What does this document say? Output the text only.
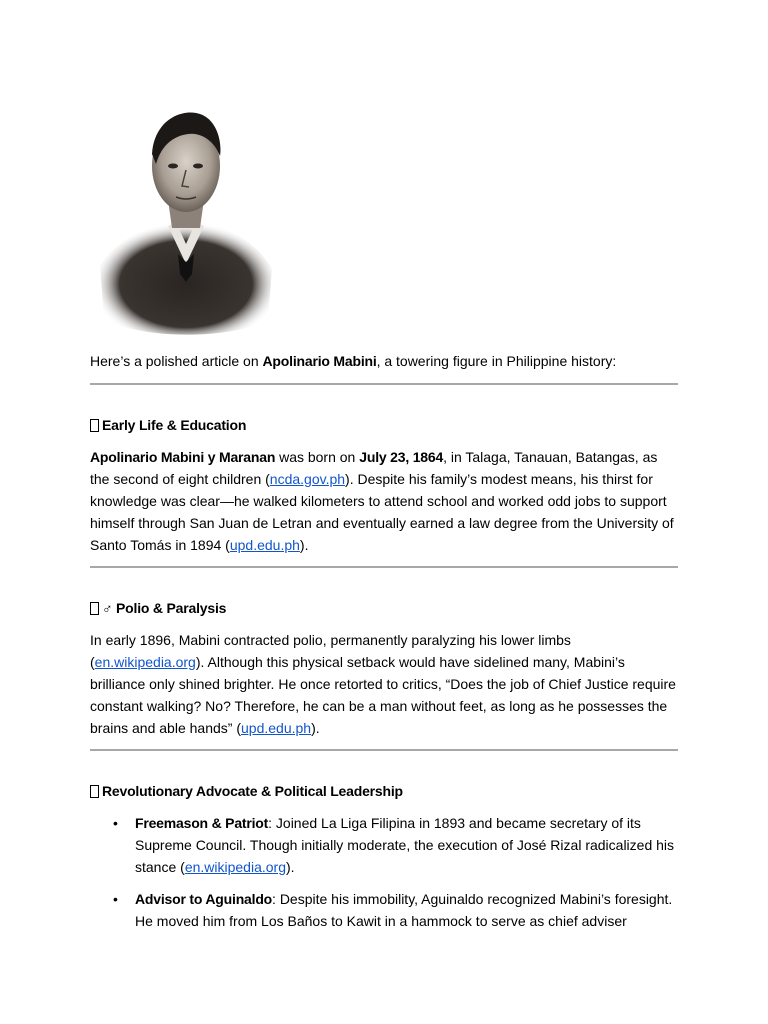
Here’s a polished article on Apolinario Mabini, a towering figure in Philippine history:

Early Life & Education

Apolinario Mabini y Maranan was born on July 23, 1864, in Talaga, Tanauan, Batangas, as the second of eight children (ncda.gov.ph). Despite his family’s modest means, his thirst for knowledge was clear—he walked kilometers to attend school and worked odd jobs to support himself through San Juan de Letran and eventually earned a law degree from the University of Santo Tomás in 1894 (upd.edu.ph).

♂ Polio & Paralysis

In early 1896, Mabini contracted polio, permanently paralyzing his lower limbs (en.wikipedia.org). Although this physical setback would have sidelined many, Mabini’s brilliance only shined brighter. He once retorted to critics, “Does the job of Chief Justice require constant walking? No? Therefore, he can be a man without feet, as long as he possesses the brains and able hands” (upd.edu.ph).

Revolutionary Advocate & Political Leadership

• Freemason & Patriot: Joined La Liga Filipina in 1893 and became secretary of its Supreme Council. Though initially moderate, the execution of José Rizal radicalized his stance (en.wikipedia.org).

• Advisor to Aguinaldo: Despite his immobility, Aguinaldo recognized Mabini’s foresight. He moved him from Los Baños to Kawit in a hammock to serve as chief adviser
